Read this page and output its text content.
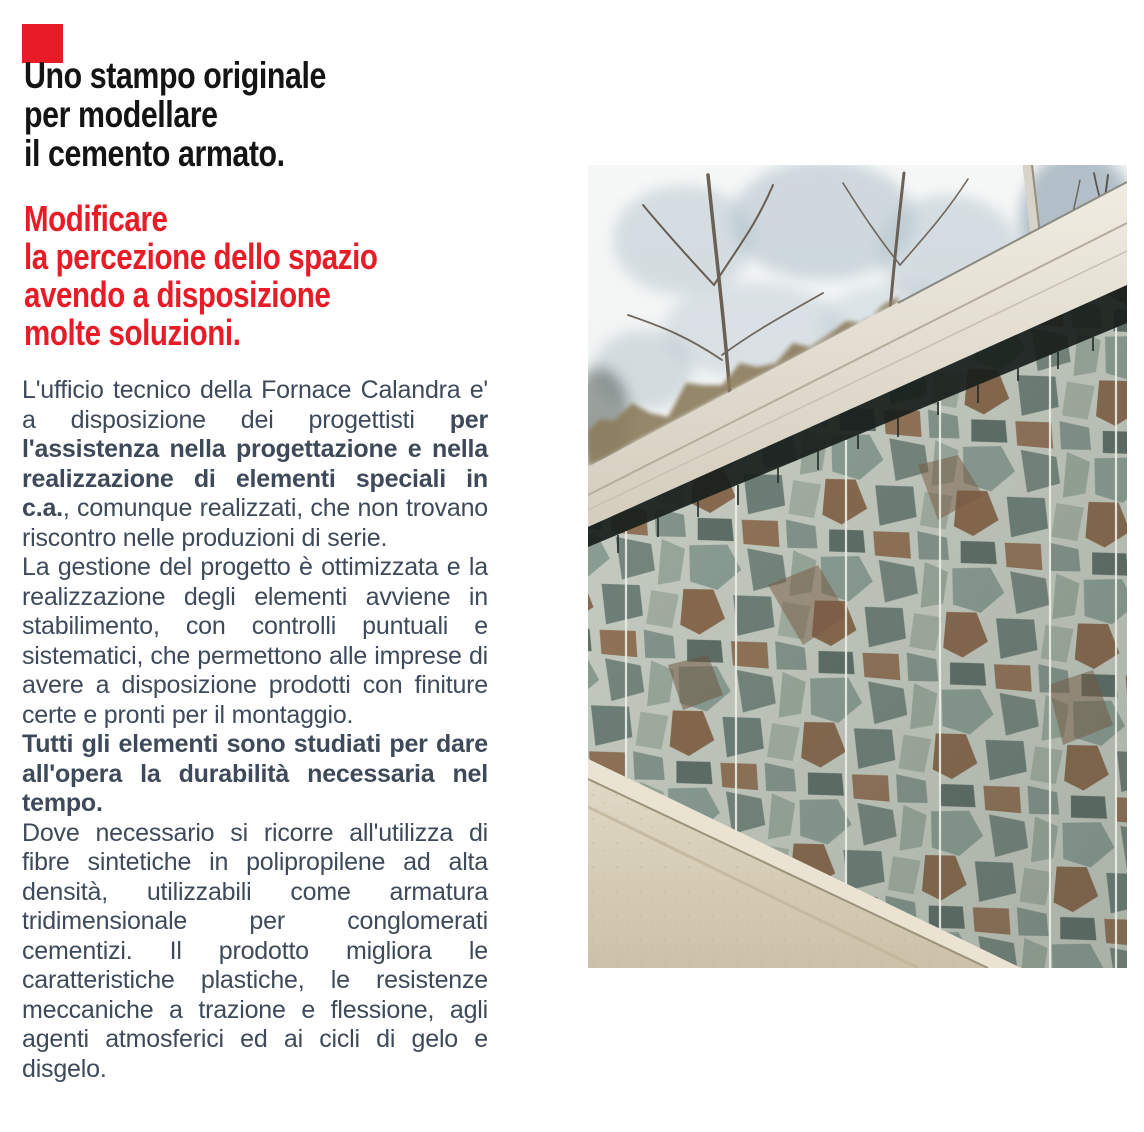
Uno stampo originale
per modellare
il cemento armato.
Modificare
la percezione dello spazio
avendo a disposizione
molte soluzioni.

L'ufficio tecnico della Fornace Calandra e' a disposizione dei progettisti per l'assistenza nella progettazione e nella realizzazione di elementi speciali in c.a., comunque realizzati, che non trovano riscontro nelle produzioni di serie.

La gestione del progetto è ottimizzata e la realizzazione degli elementi avviene in stabilimento, con controlli puntuali e sistematici, che permettono alle imprese di avere a disposizione prodotti con finiture certe e pronti per il montaggio.

Tutti gli elementi sono studiati per dare all'opera la durabilità necessaria nel tempo.

Dove necessario si ricorre all'utilizza di fibre sintetiche in polipropilene ad alta densità, utilizzabili come armatura tridimensionale per conglomerati cementizi. Il prodotto migliora le caratteristiche plastiche, le resistenze meccaniche a trazione e flessione, agli agenti atmosferici ed ai cicli di gelo e disgelo.
